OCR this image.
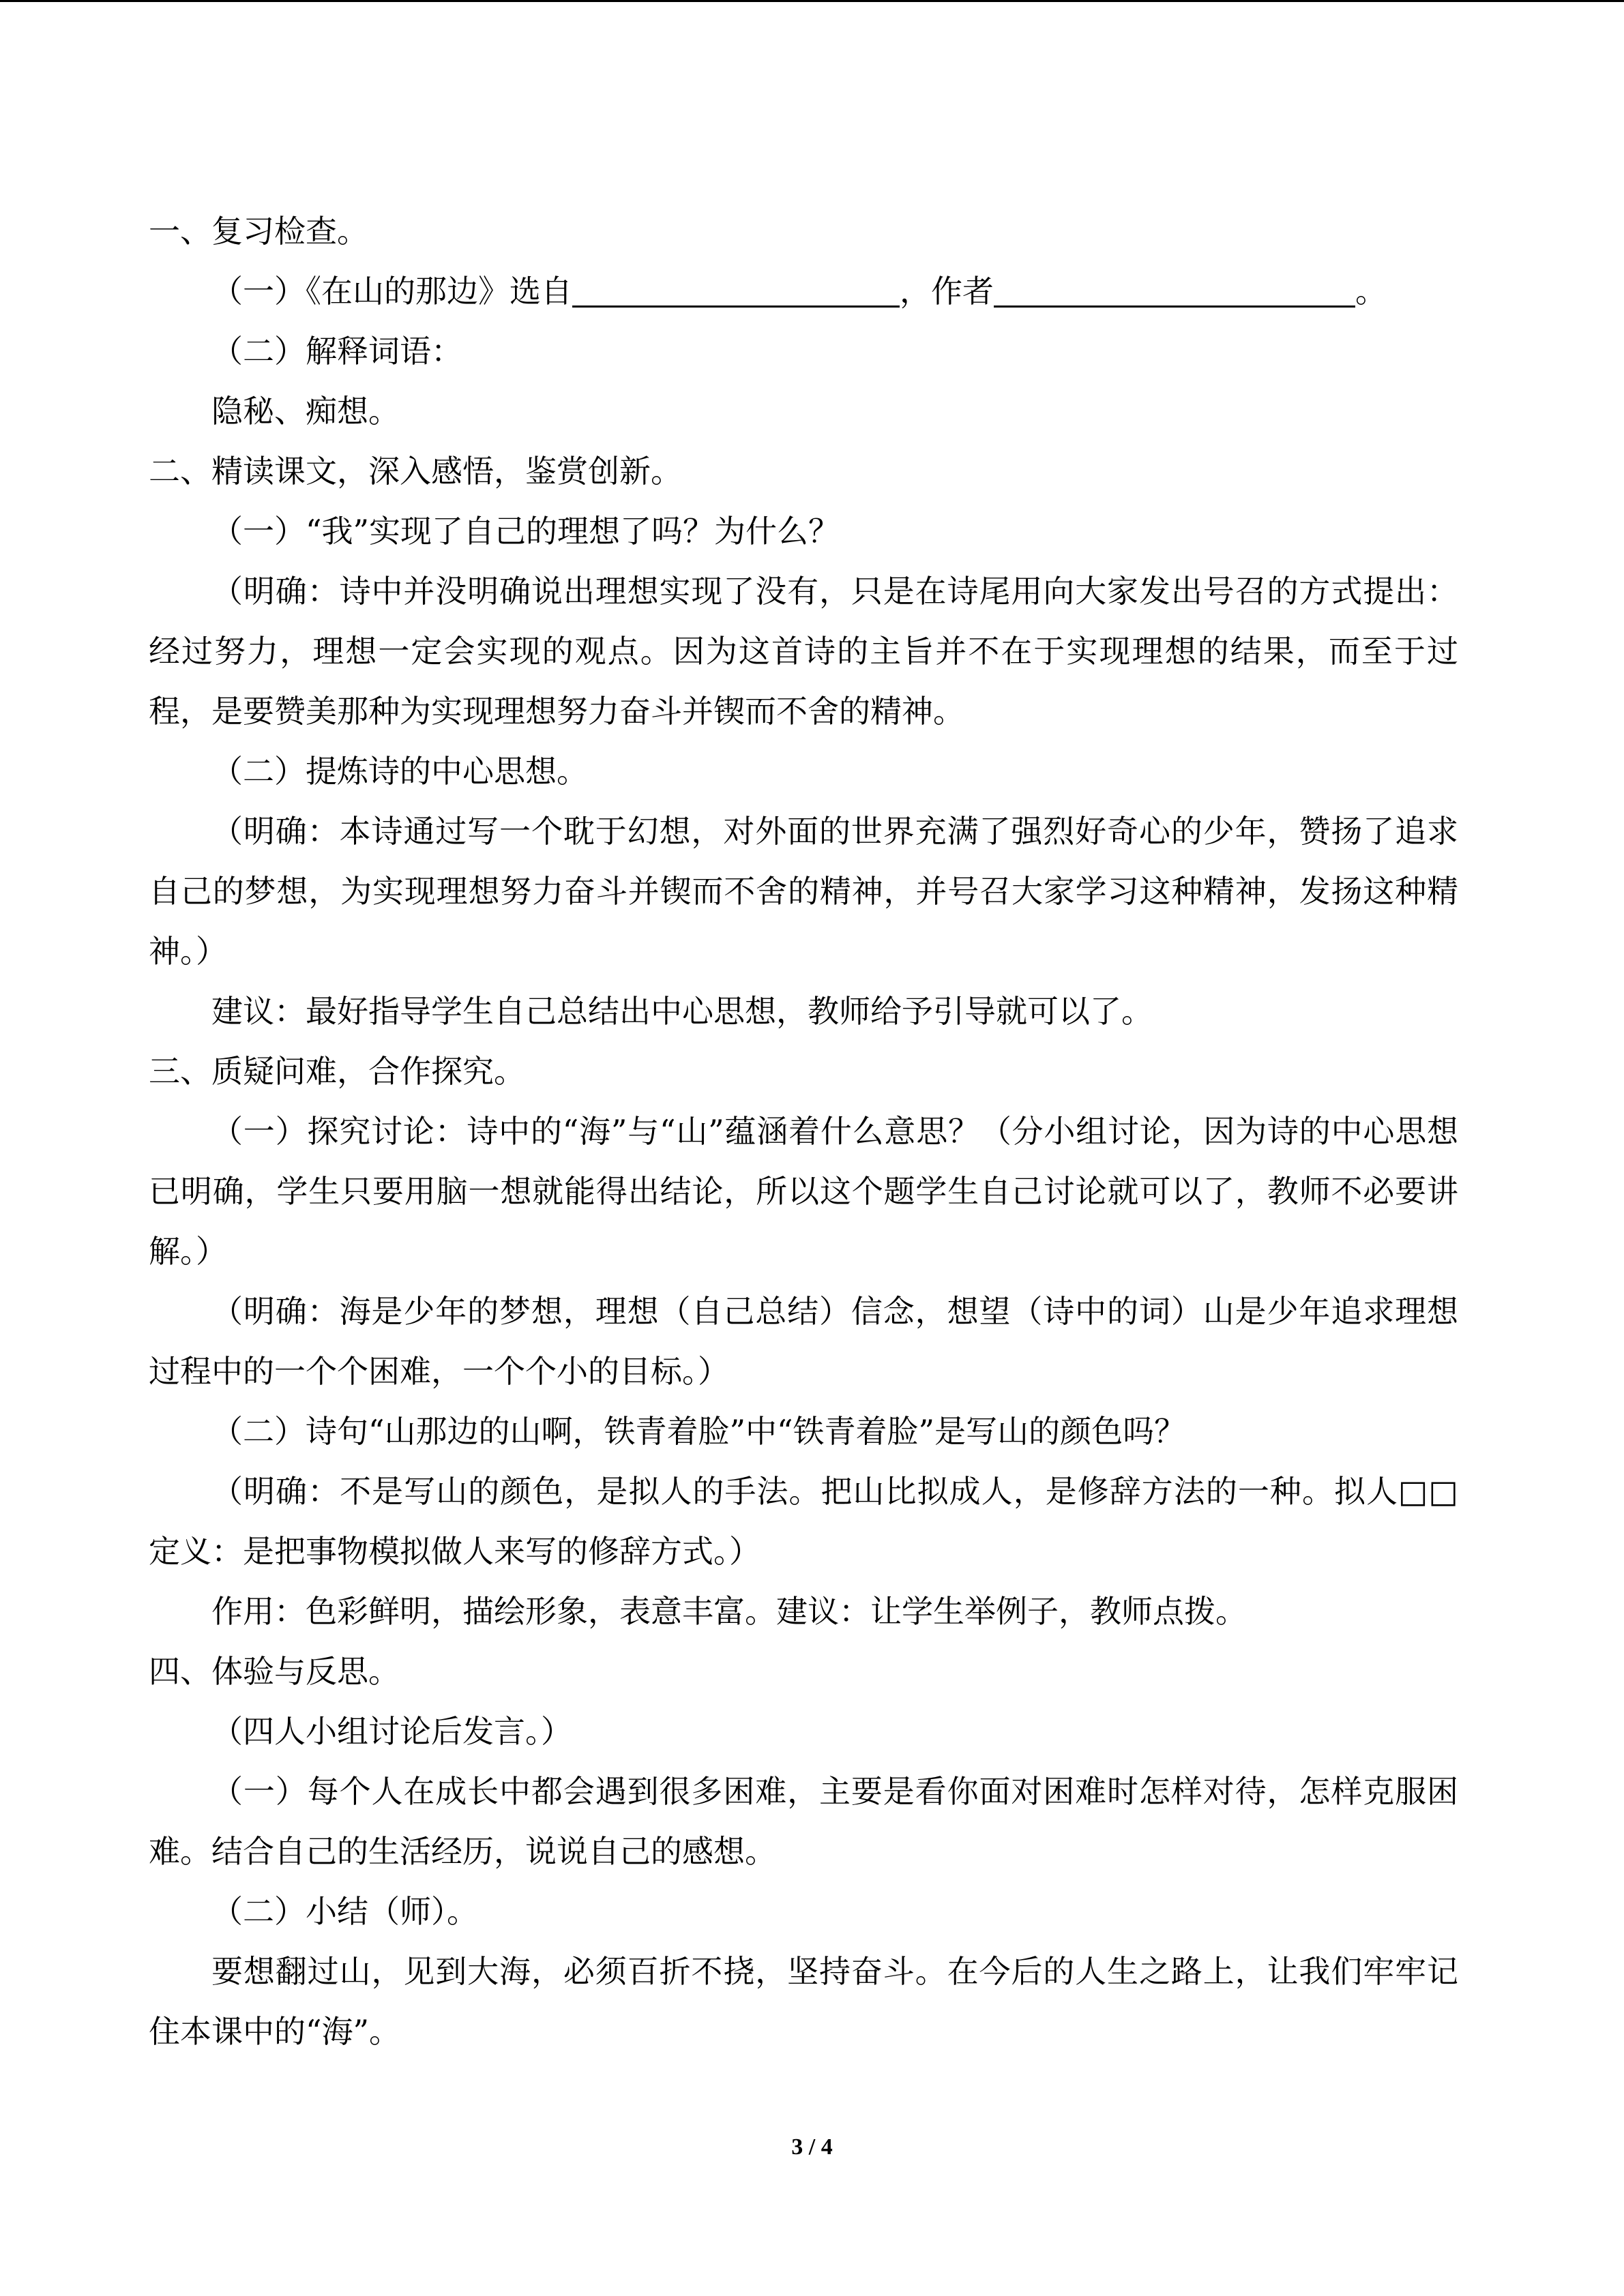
一、复习检查。
（一）《在山的那边》选自	，作者	。
（二）解释词语：
隐秘、痴想。
二、精读课文，深入感悟，鉴赏创新。
（一）“我”实现了自己的理想了吗？为什么？
（明确：诗中并没明确说出理想实现了没有，只是在诗尾用向大家发出号召的方式提出：经过努力，理想一定会实现的观点。因为这首诗的主旨并不在于实现理想的结果，而至于过程，是要赞美那种为实现理想努力奋斗并锲而不舍的精神。
（二）提炼诗的中心思想。
（明确：本诗通过写一个耽于幻想，对外面的世界充满了强烈好奇心的少年，赞扬了追求自己的梦想，为实现理想努力奋斗并锲而不舍的精神，并号召大家学习这种精神，发扬这种精神。）
建议：最好指导学生自己总结出中心思想，教师给予引导就可以了。
三、质疑问难，合作探究。
（一）探究讨论：诗中的“海”与“山”蕴涵着什么意思？（分小组讨论，因为诗的中心思想已明确，学生只要用脑一想就能得出结论，所以这个题学生自己讨论就可以了，教师不必要讲解。）
（明确：海是少年的梦想，理想（自己总结）信念，想望（诗中的词）山是少年追求理想过程中的一个个困难，一个个小的目标。）
（二）诗句“山那边的山啊，铁青着脸”中“铁青着脸”是写山的颜色吗？
（明确：不是写山的颜色，是拟人的手法。把山比拟成人，是修辞方法的一种。拟人□□定义：是把事物模拟做人来写的修辞方式。）
作用：色彩鲜明，描绘形象，表意丰富。建议：让学生举例子，教师点拨。
四、体验与反思。
（四人小组讨论后发言。）
（一）每个人在成长中都会遇到很多困难，主要是看你面对困难时怎样对待，怎样克服困难。结合自己的生活经历，说说自己的感想。
（二）小结（师）。
要想翻过山，见到大海，必须百折不挠，坚持奋斗。在今后的人生之路上，让我们牢牢记住本课中的“海”。
3 / 4
